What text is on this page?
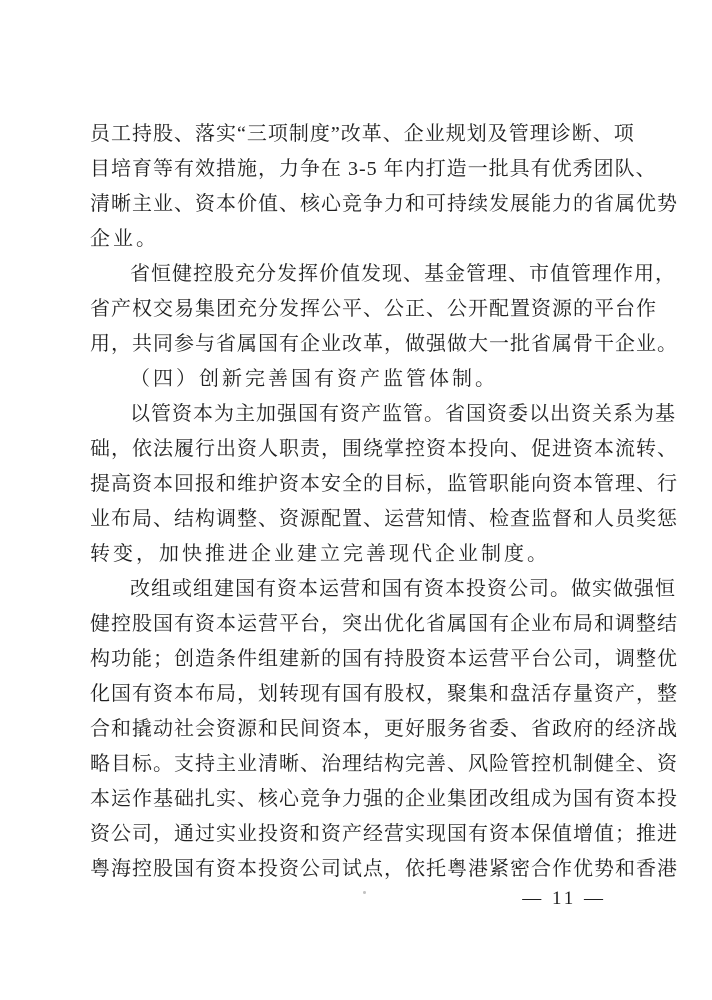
员工持股、落实“三项制度”改革、企业规划及管理诊断、项
目培育等有效措施，力争在 3-5 年内打造一批具有优秀团队、
清晰主业、资本价值、核心竞争力和可持续发展能力的省属优势
企业。
省恒健控股充分发挥价值发现、基金管理、市值管理作用，
省产权交易集团充分发挥公平、公正、公开配置资源的平台作
用，共同参与省属国有企业改革，做强做大一批省属骨干企业。
（四）创新完善国有资产监管体制。
以管资本为主加强国有资产监管。省国资委以出资关系为基
础，依法履行出资人职责，围绕掌控资本投向、促进资本流转、
提高资本回报和维护资本安全的目标，监管职能向资本管理、行
业布局、结构调整、资源配置、运营知情、检查监督和人员奖惩
转变，加快推进企业建立完善现代企业制度。
改组或组建国有资本运营和国有资本投资公司。做实做强恒
健控股国有资本运营平台，突出优化省属国有企业布局和调整结
构功能；创造条件组建新的国有持股资本运营平台公司，调整优
化国有资本布局，划转现有国有股权，聚集和盘活存量资产，整
合和撬动社会资源和民间资本，更好服务省委、省政府的经济战
略目标。支持主业清晰、治理结构完善、风险管控机制健全、资
本运作基础扎实、核心竞争力强的企业集团改组成为国有资本投
资公司，通过实业投资和资产经营实现国有资本保值增值；推进
粤海控股国有资本投资公司试点，依托粤港紧密合作优势和香港
— 11 —
